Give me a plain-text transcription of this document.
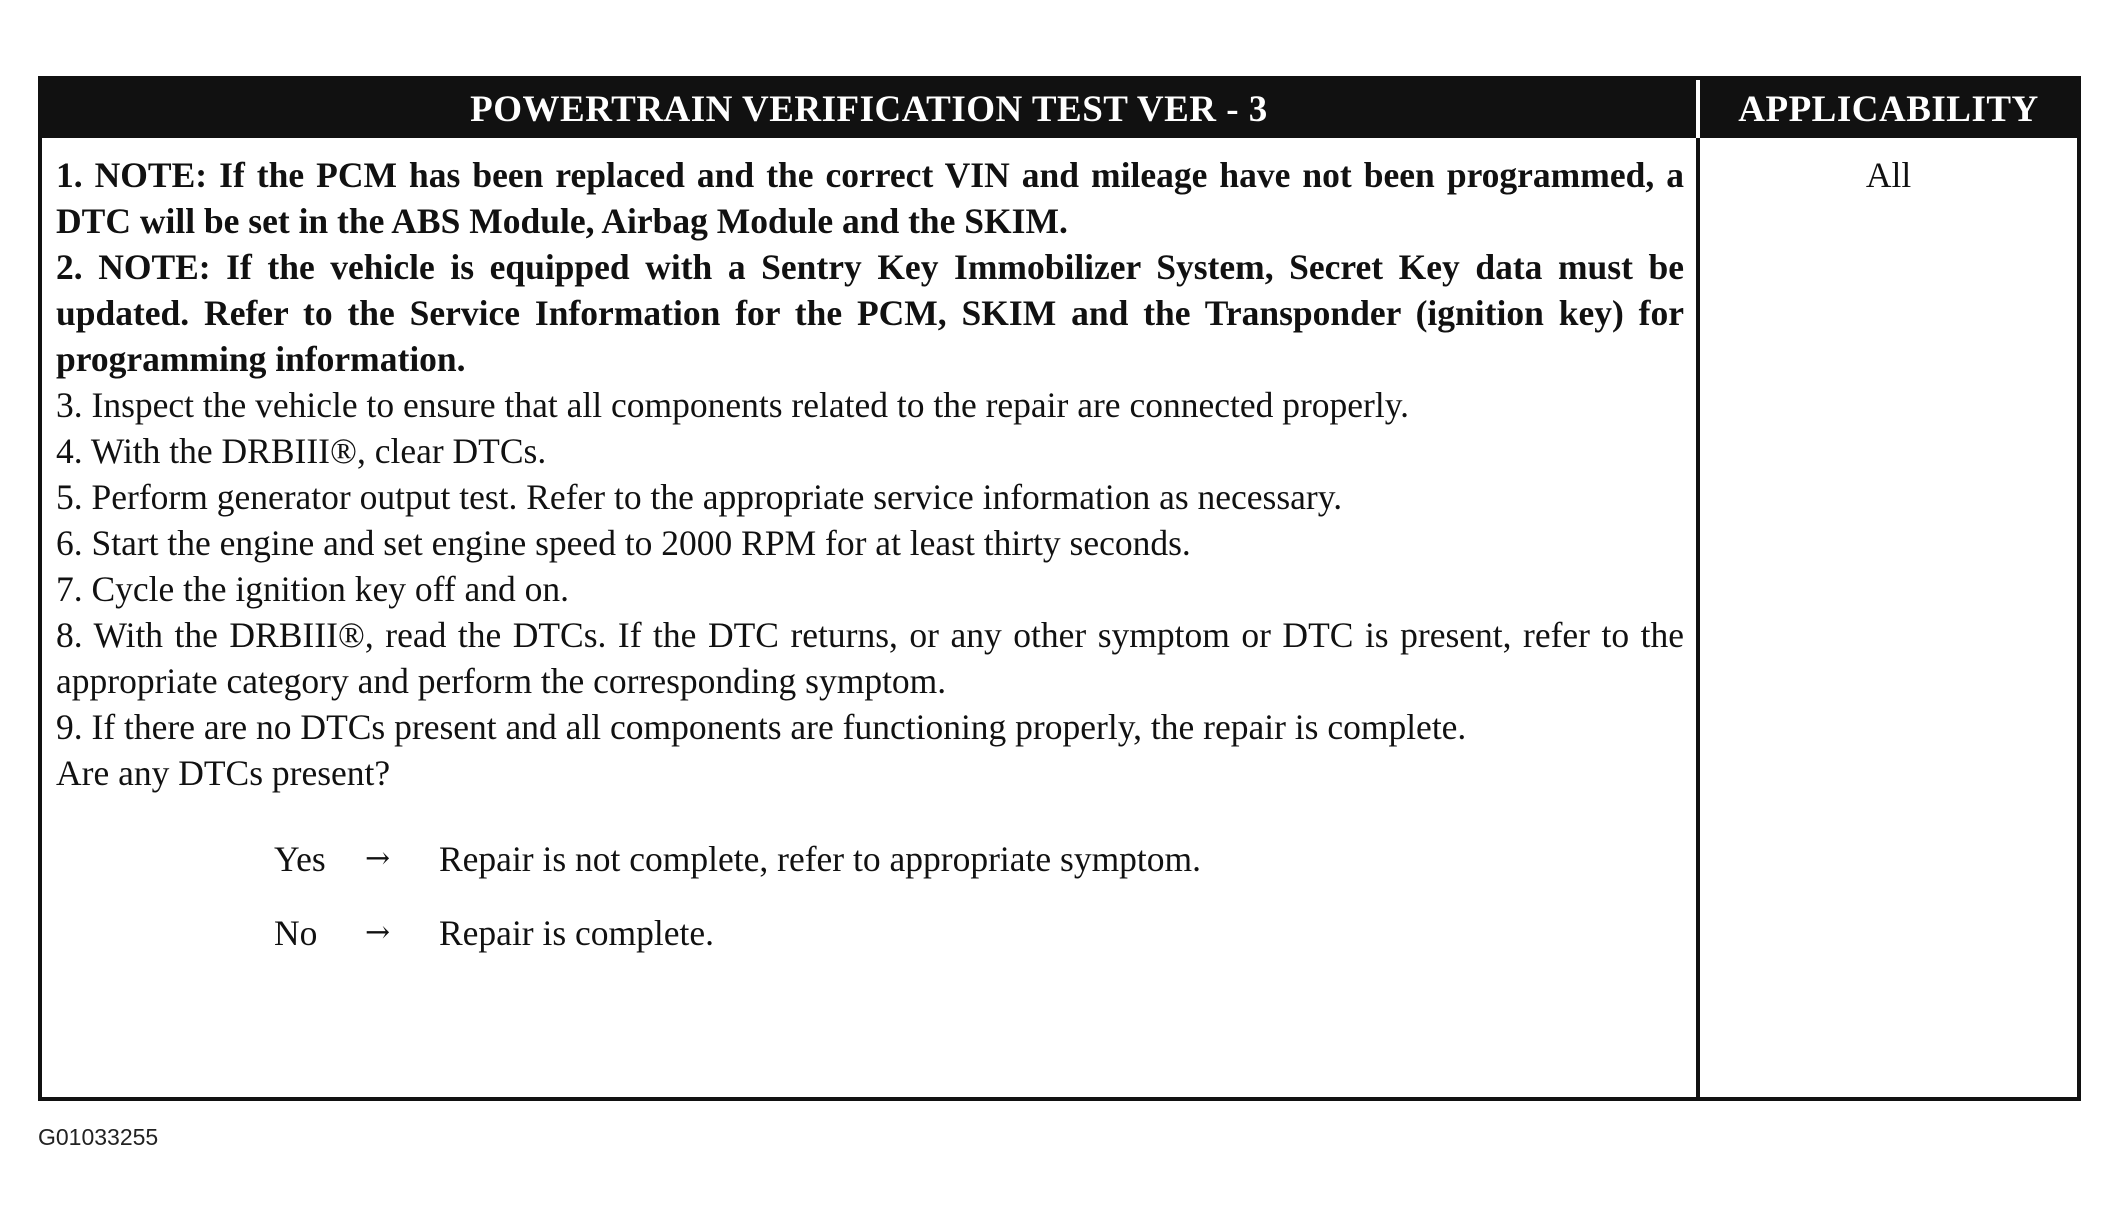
POWERTRAIN VERIFICATION TEST VER - 3	APPLICABILITY

1. NOTE: If the PCM has been replaced and the correct VIN and mileage have not been programmed, a DTC will be set in the ABS Module, Airbag Module and the SKIM.

2. NOTE: If the vehicle is equipped with a Sentry Key Immobilizer System, Secret Key data must be updated. Refer to the Service Information for the PCM, SKIM and the Transponder (ignition key) for programming information.

3. Inspect the vehicle to ensure that all components related to the repair are connected properly.

4. With the DRBIII®, clear DTCs.

5. Perform generator output test. Refer to the appropriate service information as necessary.

6. Start the engine and set engine speed to 2000 RPM for at least thirty seconds.

7. Cycle the ignition key off and on.

8. With the DRBIII®, read the DTCs. If the DTC returns, or any other symptom or DTC is present, refer to the appropriate category and perform the corresponding symptom.

9. If there are no DTCs present and all components are functioning properly, the repair is complete.

Are any DTCs present?

Yes	→	Repair is not complete, refer to appropriate symptom.
No	→	Repair is complete.
All
G01033255
